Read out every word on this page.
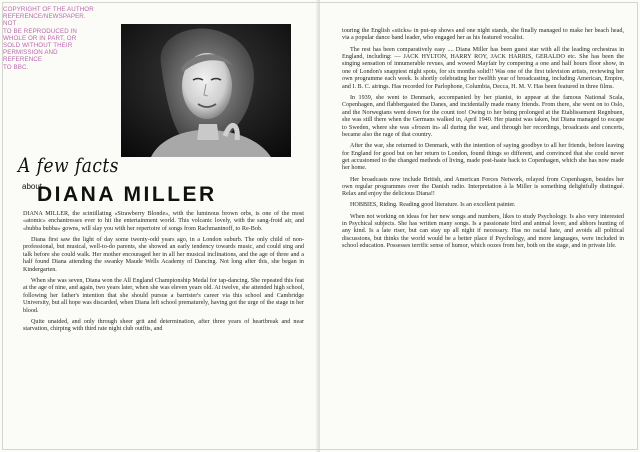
COPYRIGHT OF THE AUTHOR
REFERENCE/NEWSPAPER. NOT
TO BE REPRODUCED IN
WHOLE OR IN PART, OR
SOLD WITHOUT THEIR
PERMISSION AND REFERENCE
TO BBC.
A few facts
about
DIANA MILLER

DIANA MILLER, the scintillating «Strawberry Blonde», with the luminous brown orbs, is one of the most «atomic» enchantresses ever to hit the entertainment world. This volcanic lovely, with the sang-froid air, and «bubba bubba» gowns, will slay you with her repertoire of songs from Rachmaninoff, to Re-Bob.

Diana first saw the light of day some twenty-odd years ago, in a London suburb. The only child of non-professional, but musical, well-to-do parents, she showed an early tendency towards music, and could sing and talk before she could walk. Her mother encouraged her in all her musical inclinations, and the age of three and a half found Diana attending the swanky Maude Wells Academy of Dancing. Not long after this, she began in Kindergarten.

When she was seven, Diana won the All England Championship Medal for tap-dancing. She repeated this feat at the age of nine, and again, two years later, when she was eleven years old. At twelve, she attended high school, following her father's intention that she should pursue a barrister's career via this school and Cambridge University, but all hope was discarded, when Diana left school prematurely, having got the urge of the stage in her blood.

Quite unaided, and only through sheer grit and determination, after three years of heartbreak and near starvation, chirping with third rate night club outfits, and

touring the English «sticks» in put-up shows and one night stands, she finally managed to make her beach head, via a popular dance band leader, who engaged her as his featured vocalist.

The rest has been comparatively easy .... Diana Miller has been guest star with all the leading orchestras in England, including: — JACK HYLTON, HARRY ROY, JACK HARRIS, GERALDO etc. She has been the singing sensation of innumerable revues, and wowed Mayfair by compering a one and half hours floor show, in one of London's snappiest night spots, for six months solid!! Was one of the first television artists, reviewing her own programme each week. Is shortly celebrating her twelfth year of broadcasting, including American, Empire, and I. B. C. airings. Has recorded for Parlophone, Columbia, Decca, H. M. V. Has been featured in three films.

In 1939, she went to Denmark, accompanied by her pianist, to appear at the famous National Scala, Copenhagen, and flabbergasted the Danes, and incidentally made many friends. From there, she went on to Oslo, and the Norwegians went down for the count too! Owing to her being prolonged at the Etablissement Regnbuen, she was still there when the Germans walked in, April 1940. Her pianist was taken, but Diana managed to escape to Sweden, where she was «frozen in» all during the war, and through her recordings, broadcasts and concerts, became also the rage of that country.

After the war, she returned to Denmark, with the intention of saying goodbye to all her friends, before leaving for England for good but on her return to London, found things so different, and convinced that she could never get accustomed to the changed methods of living, made post-haste back to Copenhagen, which she has now made her home.

Her broadcasts now include British, and American Forces Network, relayed from Copenhagen, besides her own regular programmes over the Danish radio. Interpretation à la Miller is something delightfully distingué. Relax and enjoy the delicious Diana!!

HOBBIES, Riding. Reading good literature. Is an excellent painter.

When not working on ideas for her new songs and numbers, likes to study Psychology. Is also very interested in Psychical subjects. She has written many songs. Is a passionate bird and animal lover, and abhors hunting of any kind. Is a late riser, but can stay up all night if necessary. Has no racial hate, and avoids all political discussions, but thinks the world would be a better place if Psychology, and more languages, were included in school education. Possesses terrific sense of humor, which oozes from her, both on the stage, and in private life.
